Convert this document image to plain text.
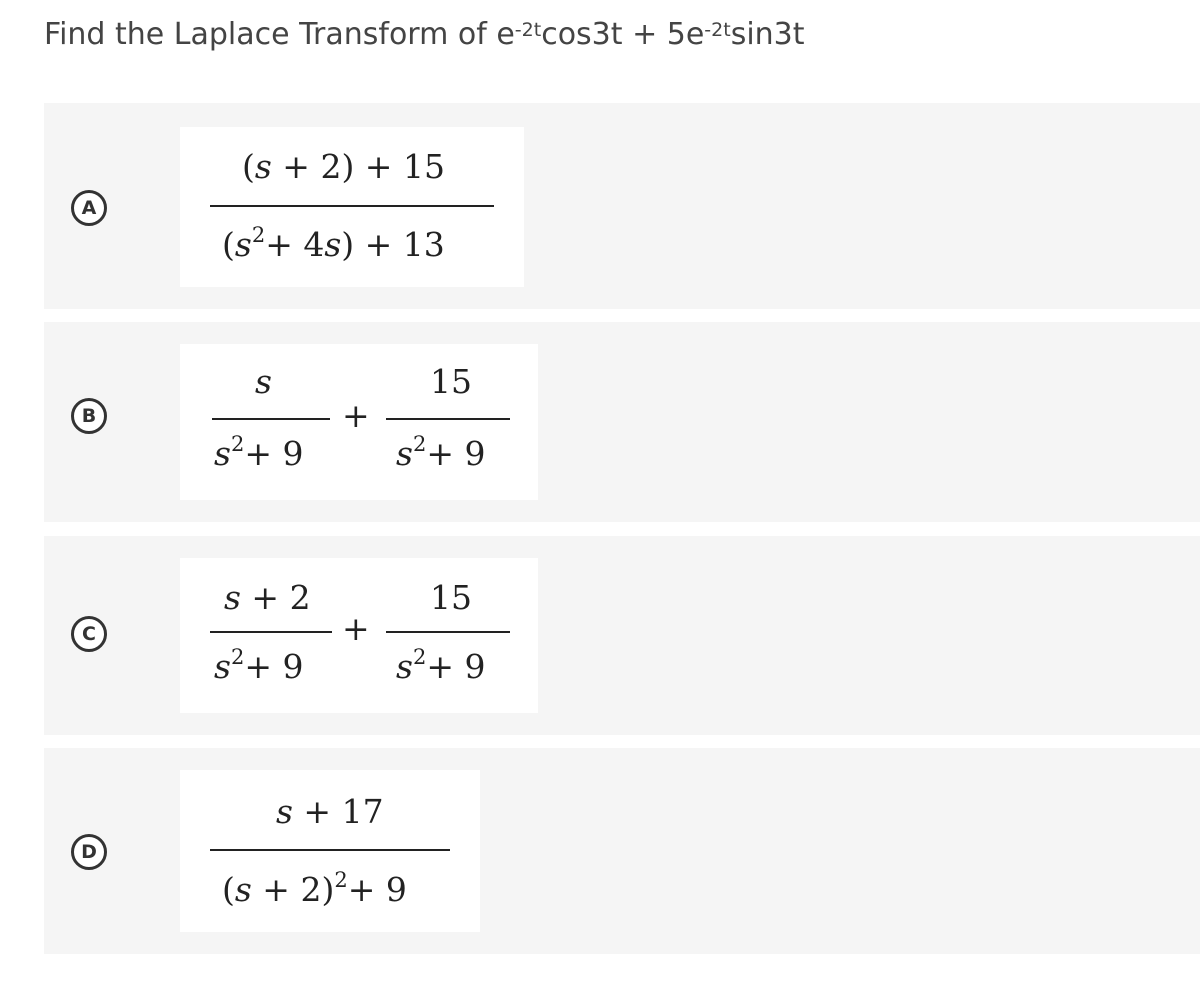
Find the Laplace Transform of $e^{-2t}$ $\cos 3t + 5e^{-2t}$ sin3t
A
(s + 2) + 15
$(s^2+ 4s) + 13$
B
s
$s^2+ 9$
+
15
$s^2+ 9$
C
s + 2
$s^2+ 9$
+
15
$s^2+ 9$
D
s + 17
$(s + 2)^2+ 9$
